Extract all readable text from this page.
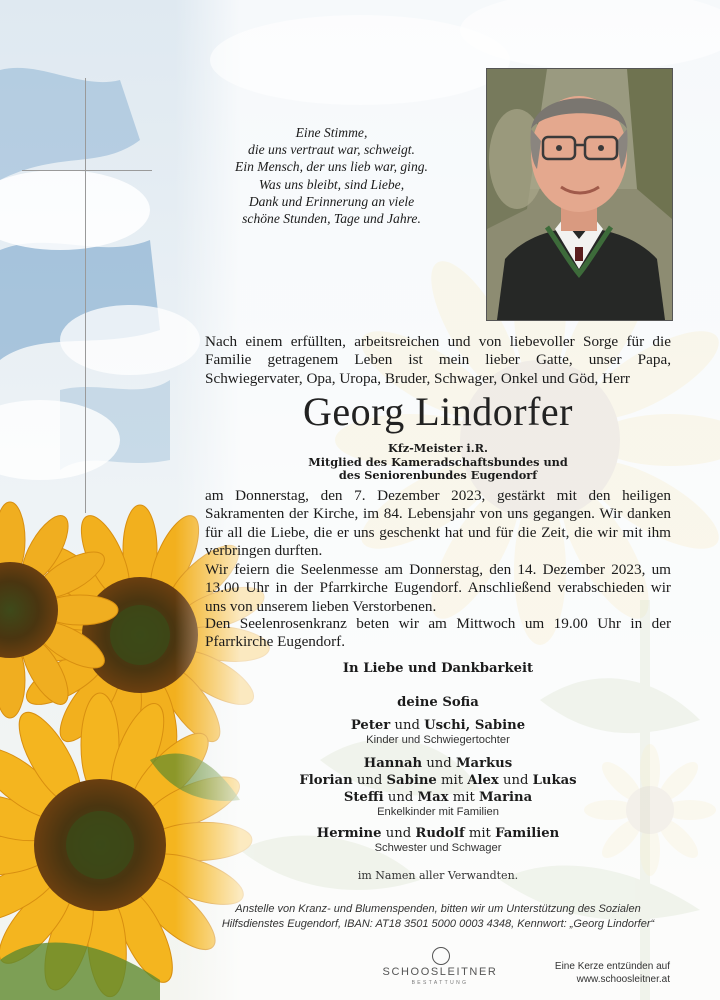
Eine Stimme,
die uns vertraut war, schweigt.
Ein Mensch, der uns lieb war, ging.
Was uns bleibt, sind Liebe,
Dank und Erinnerung an viele
schöne Stunden, Tage und Jahre.
Nach einem erfüllten, arbeitsreichen und von liebevoller Sorge für die Familie getragenem Leben ist mein lieber Gatte, unser Papa, Schwiegervater, Opa, Uropa, Bruder, Schwager, Onkel und Göd, Herr
Georg Lindorfer
Kfz-Meister i.R.
Mitglied des Kameradschaftsbundes und
des Seniorenbundes Eugendorf
am Donnerstag, den 7. Dezember 2023, gestärkt mit den heiligen Sakramenten der Kirche, im 84. Lebensjahr von uns gegangen. Wir danken für all die Liebe, die er uns geschenkt hat und für die Zeit, die wir mit ihm verbringen durften.
Wir feiern die Seelenmesse am Donnerstag, den 14. Dezember 2023, um 13.00 Uhr in der Pfarrkirche Eugendorf. Anschließend verabschieden wir uns von unserem lieben Verstorbenen.
Den Seelenrosenkranz beten wir am Mittwoch um 19.00 Uhr in der Pfarrkirche Eugendorf.
In Liebe und Dankbarkeit
deine Sofia
Peter und Uschi, Sabine
Kinder und Schwiegertochter
Hannah und Markus
Florian und Sabine mit Alex und Lukas
Steffi und Max mit Marina
Enkelkinder mit Familien
Hermine und Rudolf mit Familien
Schwester und Schwager
im Namen aller Verwandten.
Anstelle von Kranz- und Blumenspenden, bitten wir um Unterstützung des Sozialen
Hilfsdienstes Eugendorf, IBAN: AT18 3501 5000 0003 4348, Kennwort: „Georg Lindorfer“
SCHOOSLEITNER
BESTATTUNG
Eine Kerze entzünden auf
www.schoosleitner.at
